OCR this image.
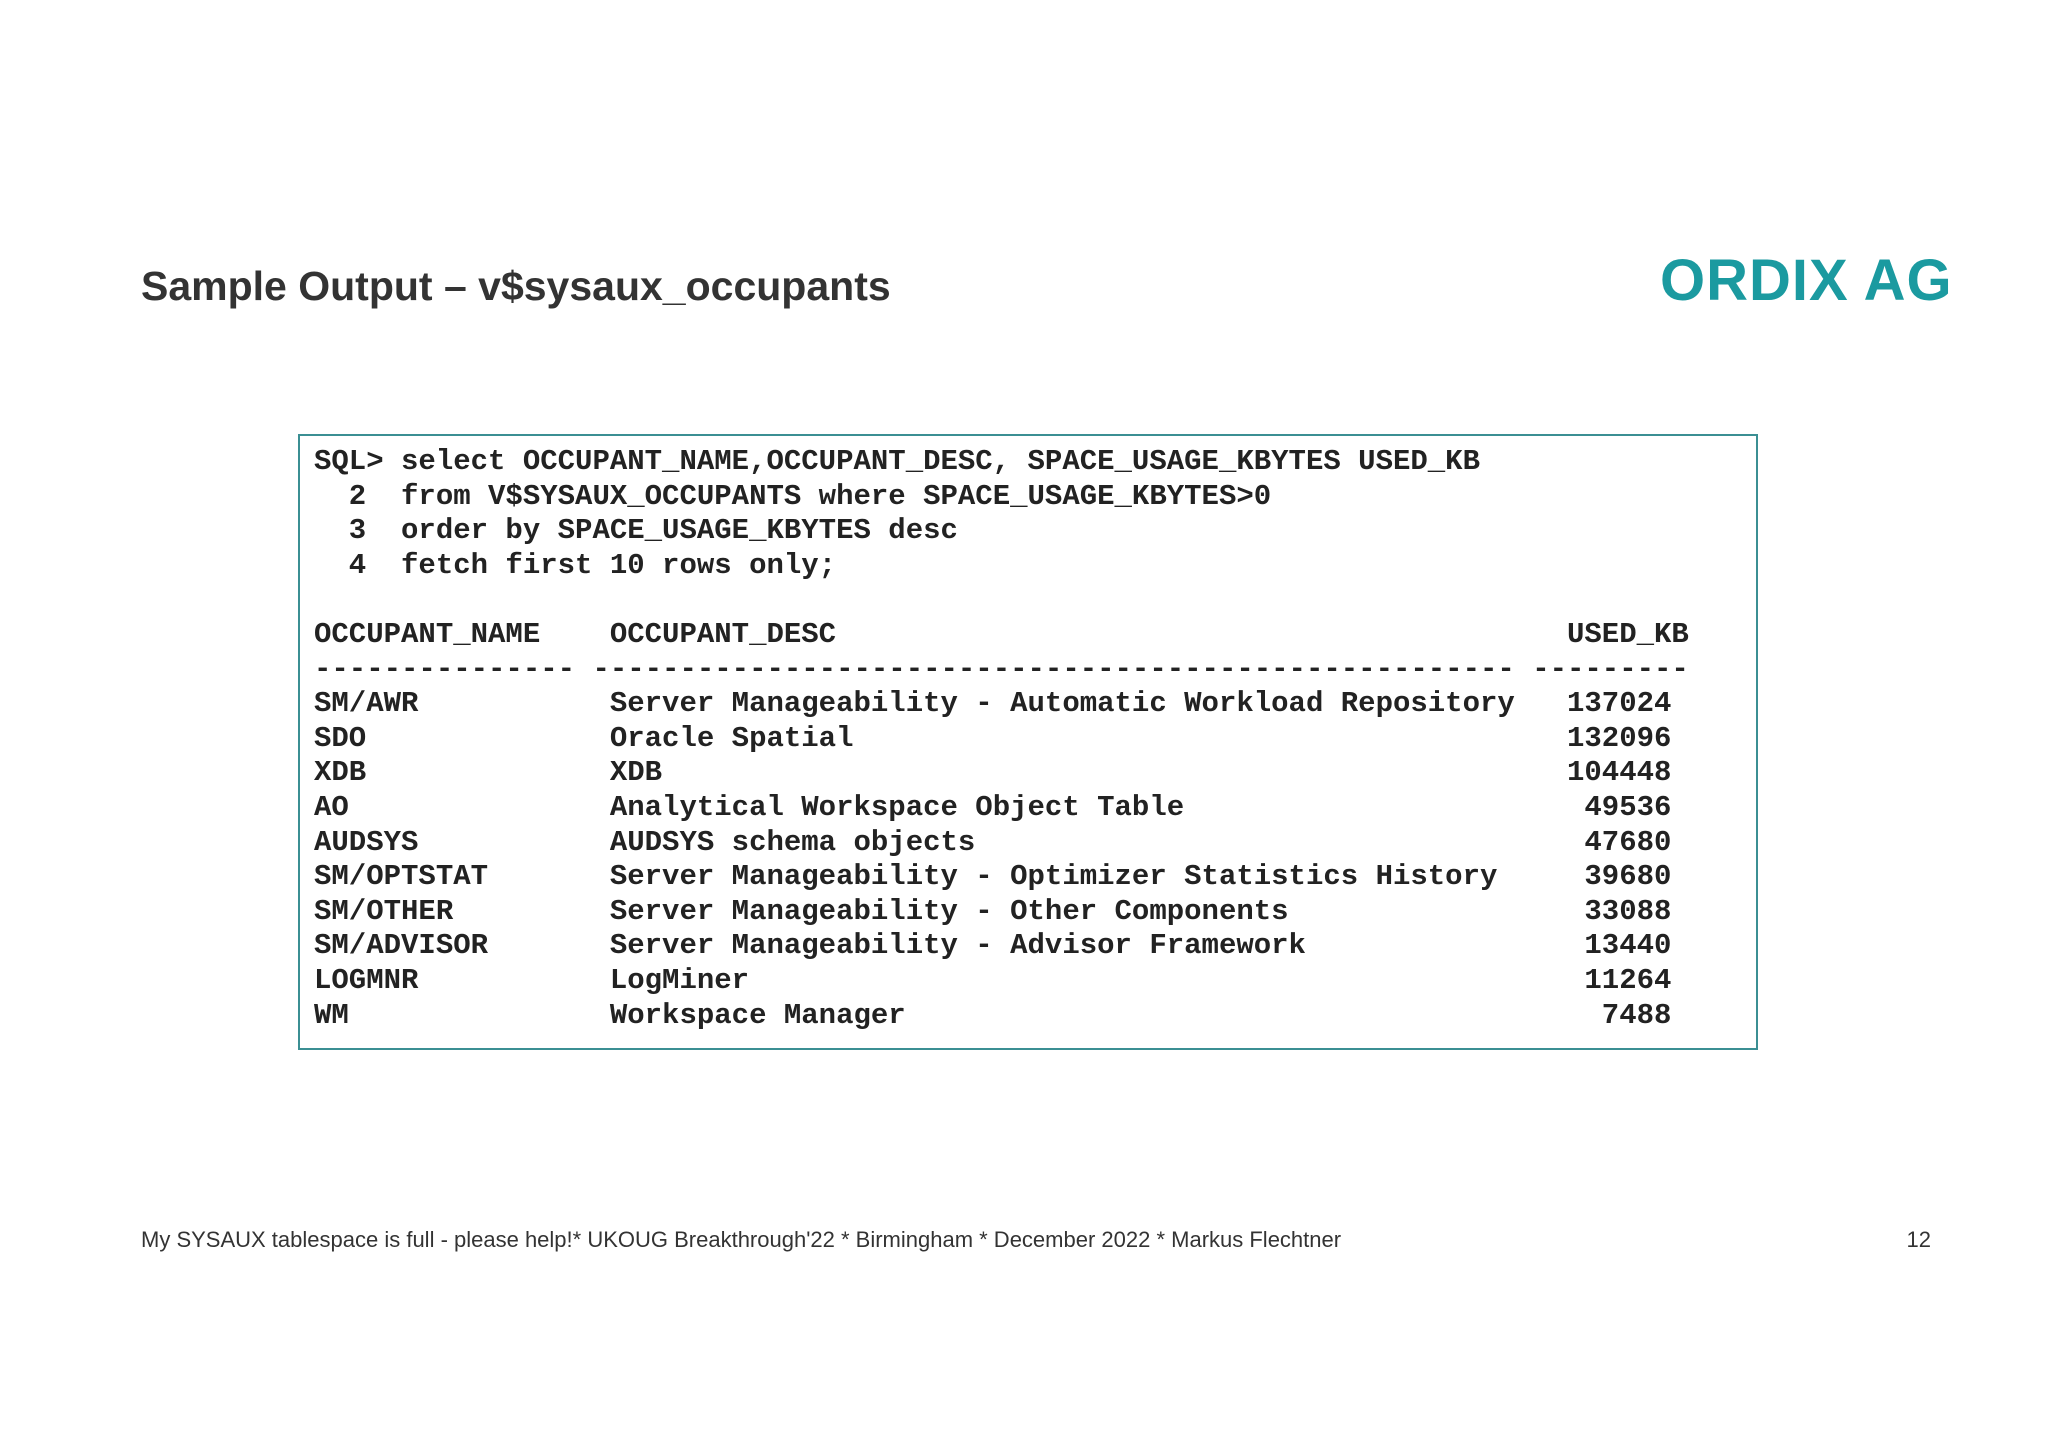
Sample Output – v$sysaux_occupants	ORDIX AG
SQL> select OCCUPANT_NAME,OCCUPANT_DESC, SPACE_USAGE_KBYTES USED_KB
2  from V$SYSAUX_OCCUPANTS where SPACE_USAGE_KBYTES>0
3  order by SPACE_USAGE_KBYTES desc
4  fetch first 10 rows only;
OCCUPANT_NAME    OCCUPANT_DESC                                          USED_KB
--------------- ----------------------------------------------------- ---------
SM/AWR           Server Manageability - Automatic Workload Repository   137024
SDO              Oracle Spatial                                         132096
XDB              XDB                                                    104448
AO               Analytical Workspace Object Table                       49536
AUDSYS           AUDSYS schema objects                                   47680
SM/OPTSTAT       Server Manageability - Optimizer Statistics History     39680
SM/OTHER         Server Manageability - Other Components                 33088
SM/ADVISOR       Server Manageability - Advisor Framework                13440
LOGMNR           LogMiner                                                11264
WM               Workspace Manager                                        7488
My SYSAUX tablespace is full - please help!* UKOUG Breakthrough'22 * Birmingham * December 2022 * Markus Flechtner	12
